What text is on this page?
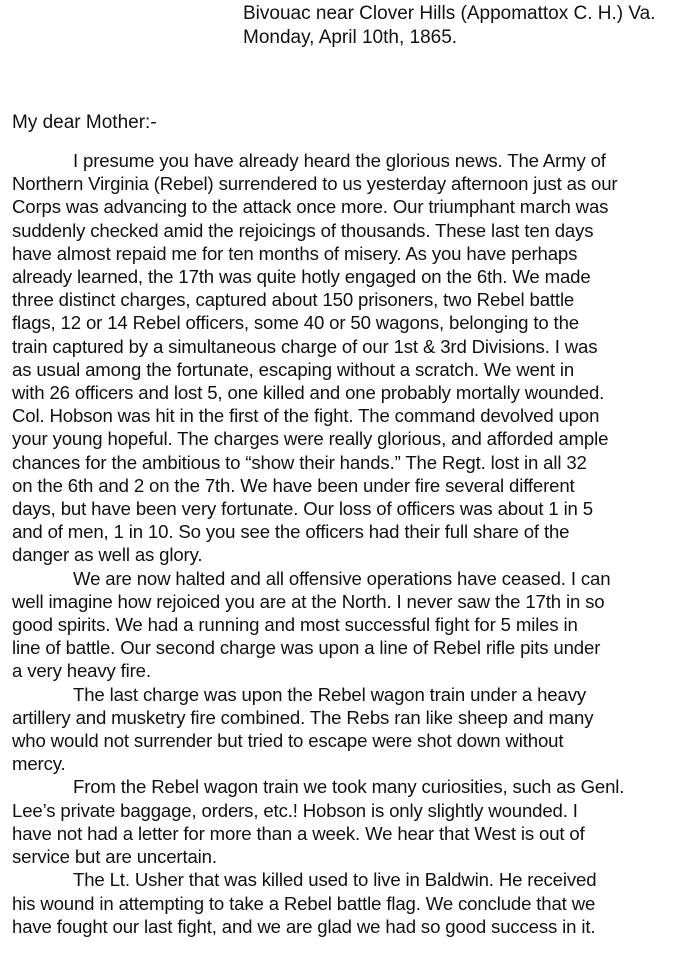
Bivouac near Clover Hills (Appomattox C. H.) Va.
Monday, April 10th, 1865.
My dear Mother:-
I presume you have already heard the glorious news. The Army of
Northern Virginia (Rebel) surrendered to us yesterday afternoon just as our
Corps was advancing to the attack once more. Our triumphant march was
suddenly checked amid the rejoicings of thousands. These last ten days
have almost repaid me for ten months of misery. As you have perhaps
already learned, the 17th was quite hotly engaged on the 6th. We made
three distinct charges, captured about 150 prisoners, two Rebel battle
flags, 12 or 14 Rebel officers, some 40 or 50 wagons, belonging to the
train captured by a simultaneous charge of our 1st & 3rd Divisions. I was
as usual among the fortunate, escaping without a scratch. We went in
with 26 officers and lost 5, one killed and one probably mortally wounded.
Col. Hobson was hit in the first of the fight. The command devolved upon
your young hopeful. The charges were really glorious, and afforded ample
chances for the ambitious to “show their hands.” The Regt. lost in all 32
on the 6th and 2 on the 7th. We have been under fire several different
days, but have been very fortunate. Our loss of officers was about 1 in 5
and of men, 1 in 10. So you see the officers had their full share of the
danger as well as glory.
We are now halted and all offensive operations have ceased. I can
well imagine how rejoiced you are at the North. I never saw the 17th in so
good spirits. We had a running and most successful fight for 5 miles in
line of battle. Our second charge was upon a line of Rebel rifle pits under
a very heavy fire.
The last charge was upon the Rebel wagon train under a heavy
artillery and musketry fire combined. The Rebs ran like sheep and many
who would not surrender but tried to escape were shot down without
mercy.
From the Rebel wagon train we took many curiosities, such as Genl.
Lee’s private baggage, orders, etc.! Hobson is only slightly wounded. I
have not had a letter for more than a week. We hear that West is out of
service but are uncertain.
The Lt. Usher that was killed used to live in Baldwin. He received
his wound in attempting to take a Rebel battle flag. We conclude that we
have fought our last fight, and we are glad we had so good success in it.
